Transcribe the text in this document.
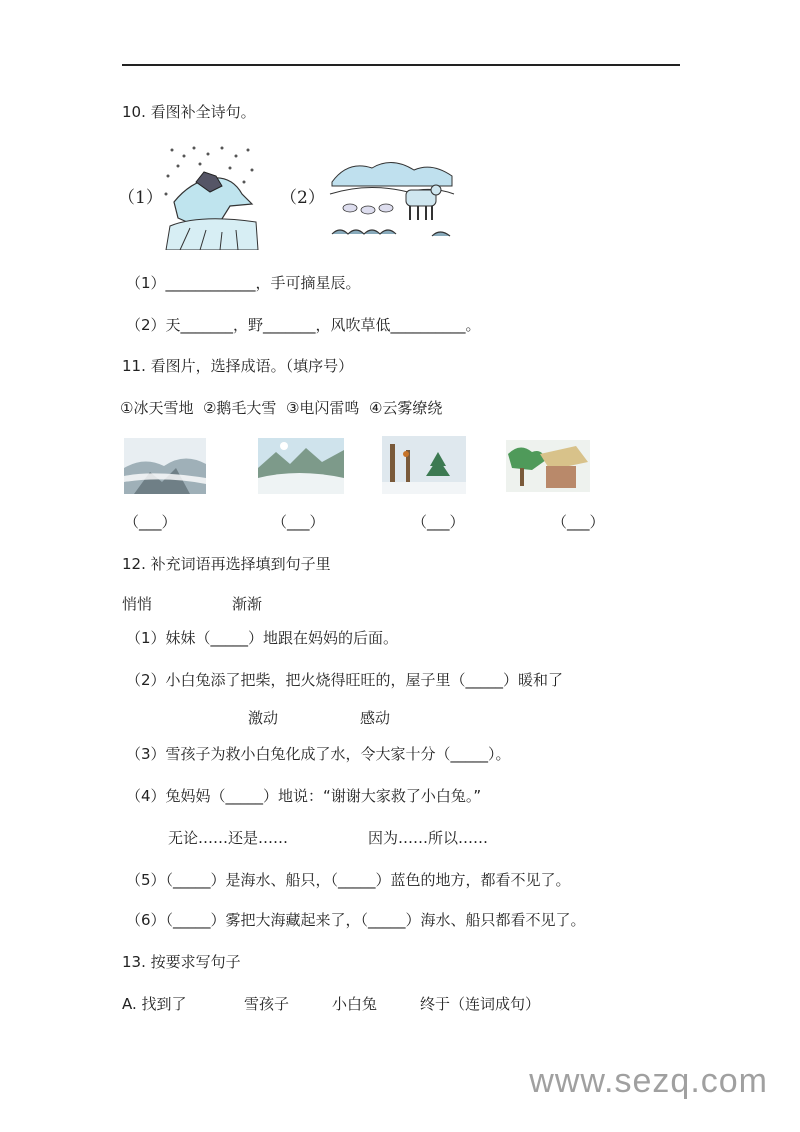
10. 看图补全诗句。
（1）	（2）
（1）____________，手可摘星辰。
（2）天_______，野_______，风吹草低__________。
11. 看图片，选择成语。（填序号）
①冰天雪地  ②鹅毛大雪  ③电闪雷鸣  ④云雾缭绕
（___）	（___）	（___）	（___）
12. 补充词语再选择填到句子里
悄悄	渐渐
（1）妹妹（_____）地跟在妈妈的后面。
（2）小白兔添了把柴，把火烧得旺旺的，屋子里（_____）暖和了
激动	感动
（3）雪孩子为救小白兔化成了水，令大家十分（_____）。
（4）兔妈妈（_____）地说：“谢谢大家救了小白兔。”
无论……还是……	因为……所以……
（5）（_____）是海水、船只，（_____）蓝色的地方，都看不见了。
（6）（_____）雾把大海藏起来了，（_____）海水、船只都看不见了。
13. 按要求写句子
A. 找到了	雪孩子	小白兔	终于（连词成句）
www.sezq.com
